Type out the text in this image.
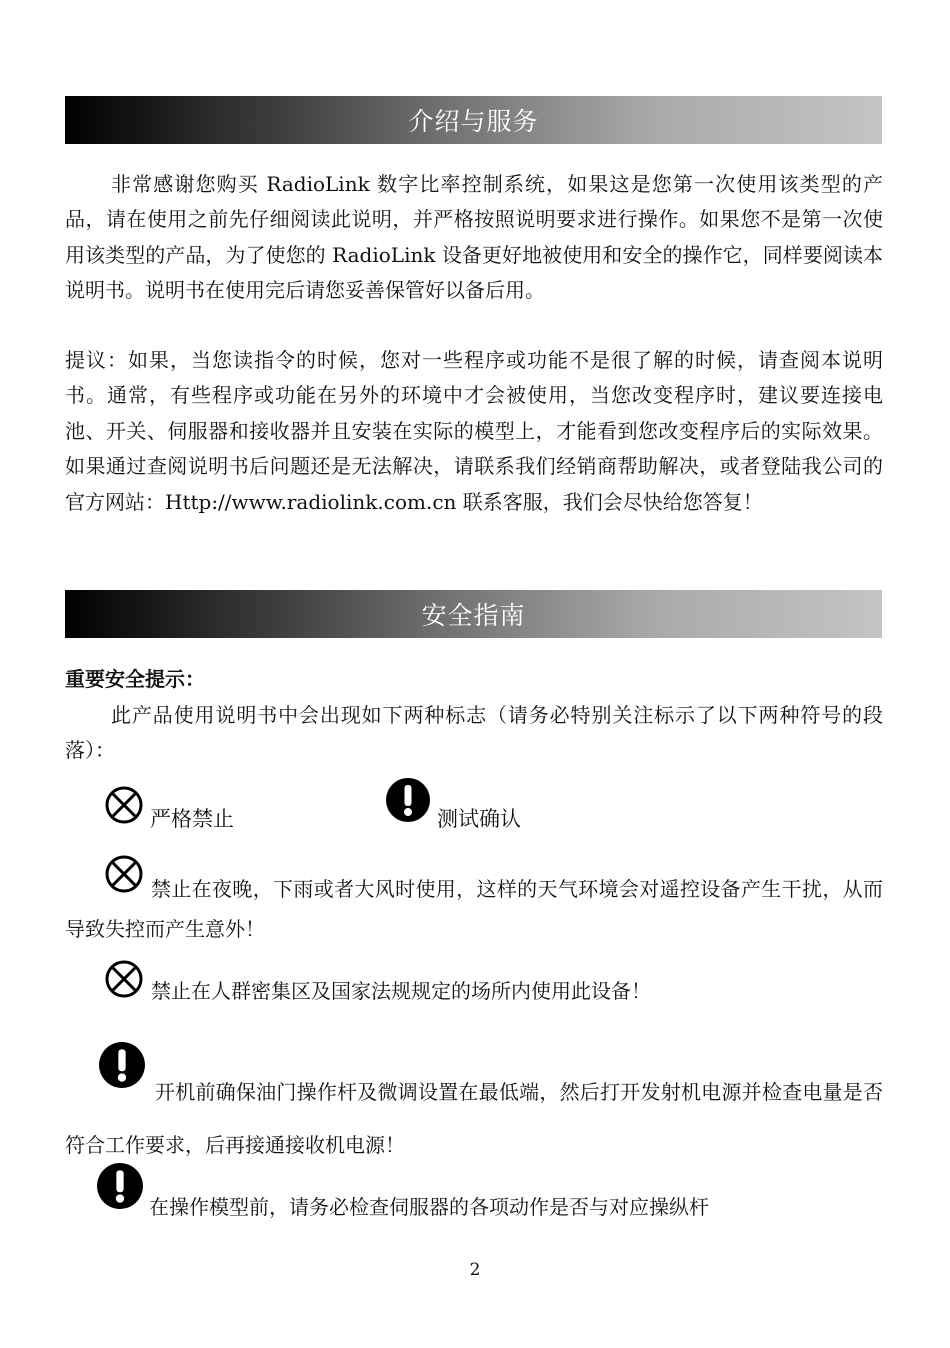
介绍与服务

非常感谢您购买 RadioLink 数字比率控制系统，如果这是您第一次使用该类型的产品，请在使用之前先仔细阅读此说明，并严格按照说明要求进行操作。如果您不是第一次使用该类型的产品，为了使您的 RadioLink 设备更好地被使用和安全的操作它，同样要阅读本说明书。说明书在使用完后请您妥善保管好以备后用。

提议：如果，当您读指令的时候，您对一些程序或功能不是很了解的时候，请查阅本说明书。通常，有些程序或功能在另外的环境中才会被使用，当您改变程序时，建议要连接电池、开关、伺服器和接收器并且安装在实际的模型上，才能看到您改变程序后的实际效果。如果通过查阅说明书后问题还是无法解决，请联系我们经销商帮助解决，或者登陆我公司的官方网站：Http://www.radiolink.com.cn 联系客服，我们会尽快给您答复！

安全指南

重要安全提示：

此产品使用说明书中会出现如下两种标志（请务必特别关注标示了以下两种符号的段落）：

严格禁止	测试确认

禁止在夜晚，下雨或者大风时使用，这样的天气环境会对遥控设备产生干扰，从而导致失控而产生意外！

禁止在人群密集区及国家法规规定的场所内使用此设备！

开机前确保油门操作杆及微调设置在最低端，然后打开发射机电源并检查电量是否符合工作要求，后再接通接收机电源！

在操作模型前，请务必检查伺服器的各项动作是否与对应操纵杆

2
